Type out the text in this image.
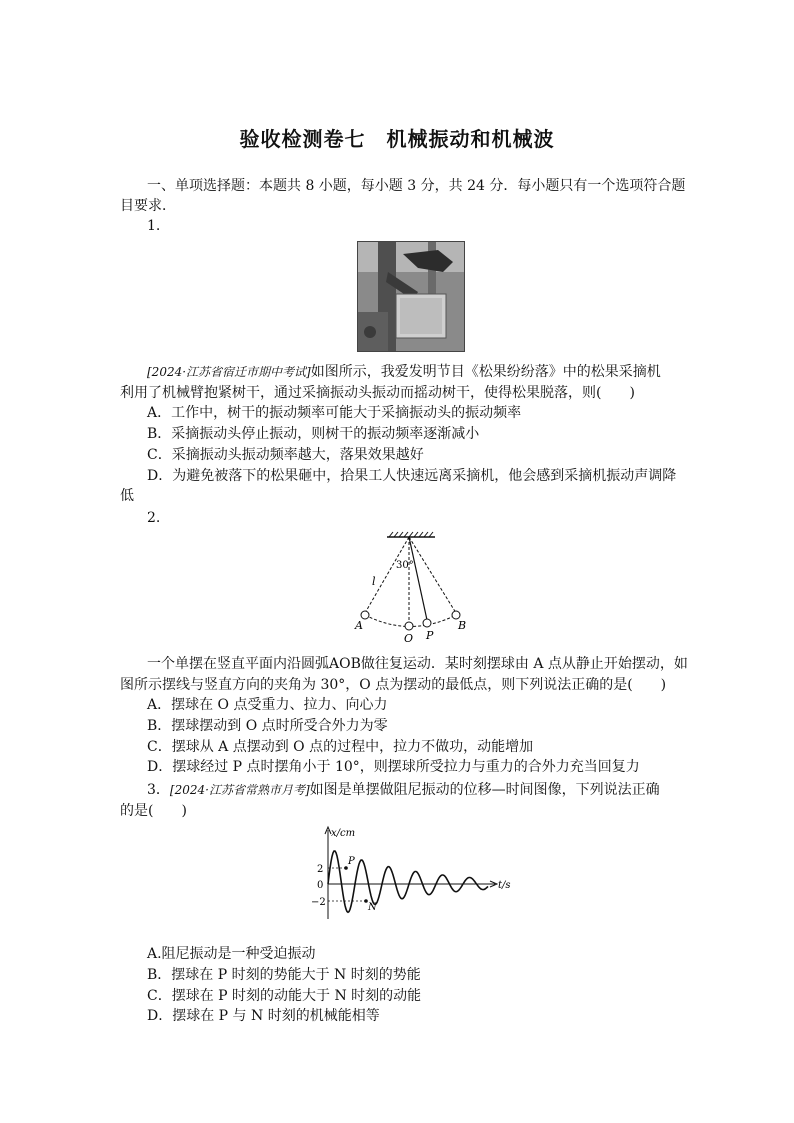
验收检测卷七　机械振动和机械波
一、单项选择题：本题共 8 小题，每小题 3 分，共 24 分．每小题只有一个选项符合题
目要求．
1.
[2024·江苏省宿迁市期中考试]如图所示，我爱发明节目《松果纷纷落》中的松果采摘机
利用了机械臂抱紧树干，通过采摘振动头振动而摇动树干，使得松果脱落，则(　　)
A．工作中，树干的振动频率可能大于采摘振动头的振动频率
B．采摘振动头停止振动，则树干的振动频率逐渐减小
C．采摘振动头振动频率越大，落果效果越好
D．为避免被落下的松果砸中，拾果工人快速远离采摘机，他会感到采摘机振动声调降
低
2.
30°
l
A
O P
B
一个单摆在竖直平面内沿圆弧AOB做往复运动．某时刻摆球由 A 点从静止开始摆动，如
图所示摆线与竖直方向的夹角为 30°，O 点为摆动的最低点，则下列说法正确的是(　　)
A．摆球在 O 点受重力、拉力、向心力
B．摆球摆动到 O 点时所受合外力为零
C．摆球从 A 点摆动到 O 点的过程中，拉力不做功，动能增加
D．摆球经过 P 点时摆角小于 10°，则摆球所受拉力与重力的合外力充当回复力
3．[2024·江苏省常熟市月考]如图是单摆做阻尼振动的位移—时间图像，下列说法正确
的是(　　)
x/cm
t/s
2
0
−2
P
N
A.阻尼振动是一种受迫振动
B．摆球在 P 时刻的势能大于 N 时刻的势能
C．摆球在 P 时刻的动能大于 N 时刻的动能
D．摆球在 P 与 N 时刻的机械能相等
